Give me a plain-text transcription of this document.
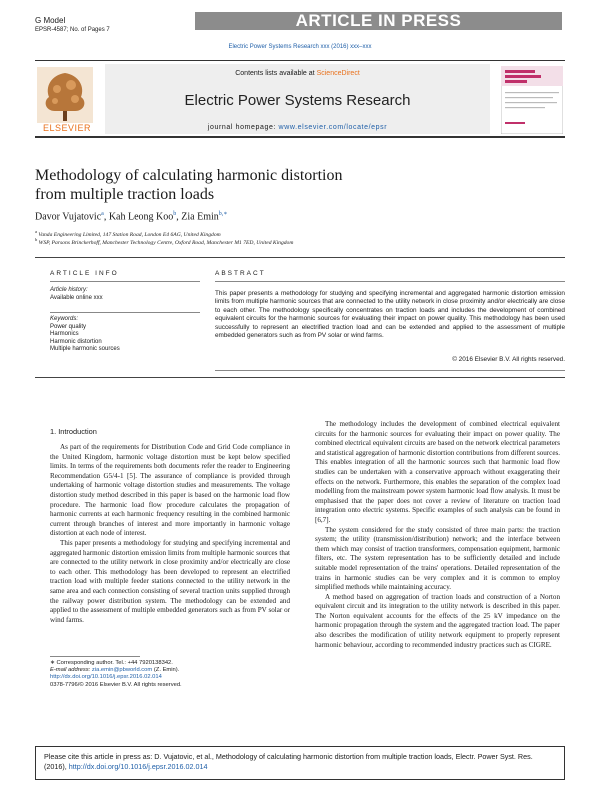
G Model
EPSR-4587; No. of Pages 7	ARTICLE IN PRESS
Electric Power Systems Research xxx (2016) xxx–xxx
ELSEVIER
Contents lists available at ScienceDirect
Electric Power Systems Research
journal homepage: www.elsevier.com/locate/epsr
Methodology of calculating harmonic distortion
from multiple traction loads
Davor Vujatovic$^a$, Kah Leong Koo$^b$, Zia Emin$^{b,∗}$
$^a$ Vanda Engineering Limited, 147 Station Road, London E4 6AG, United Kingdom
$^b$ WSP, Parsons Brinckerhoff, Manchester Technology Centre, Oxford Road, Manchester M1 7ED, United Kingdom
ARTICLE INFO
Article history:
Available online xxx
Keywords:
Power quality
Harmonics
Harmonic distortion
Multiple harmonic sources
ABSTRACT
This paper presents a methodology for studying and specifying incremental and aggregated harmonic distortion emission limits from multiple harmonic sources that are connected to the utility network in close proximity and/or electrically are close to each other. The methodology specifically concentrates on traction loads and includes the development of combined equivalent circuits for the harmonic sources for evaluating their impact on power quality. This methodology has been used successfully to represent an electrified traction load and can be extended and applied to the assessment of multiple embedded generators such as from PV solar or wind farms.
© 2016 Elsevier B.V. All rights reserved.
1. Introduction

As part of the requirements for Distribution Code and Grid Code compliance in the United Kingdom, harmonic voltage distortion must be kept below specified limits. In terms of the requirements both documents refer the reader to Engineering Recommendation G5/4-1 [5]. The assurance of compliance is provided through undertaking of harmonic voltage distortion studies and measurements. The voltage distortion study method described in this paper is based on the harmonic load flow procedure. The harmonic load flow procedure calculates the propagation of harmonic currents at each harmonic frequency resulting in the combined harmonic current through branches of interest and more importantly in harmonic voltage distortion at each node of interest.

This paper presents a methodology for studying and specifying incremental and aggregated harmonic distortion emission limits from multiple harmonic sources that are connected to the utility network in close proximity and/or electrically are close to each other. This methodology has been developed to represent an electrified traction load with multiple feeder stations connected to the utility network in the same area and each connection consisting of several traction units supplied through the railway power distribution system. The methodology can be extended and applied to the assessment of multiple embedded generators such as from PV solar or wind farms.

The methodology includes the development of combined electrical equivalent circuits for the harmonic sources for evaluating their impact on power quality. The combined electrical equivalent circuits are based on the network electrical parameters and statistical aggregation of harmonic distortion contributions from different sources. This enables integration of all the harmonic sources such that harmonic load flow studies can be undertaken with a conservative approach without exaggerating their effects on the network. Furthermore, this enables the separation of the complex load modelling from the mainstream power system harmonic load flow analysis. It must be emphasised that the paper does not cover a review of literature on traction load integration onto electric systems. Specific examples of such analysis can be found in [6,7].

The system considered for the study consisted of three main parts: the traction system; the utility (transmission/distribution) network; and the interface between them which may consist of traction transformers, compensation equipment, harmonic filters, etc. The system representation has to be sufficiently detailed and include suitable model representation of the trains' operations. Detailed representation of the trains in harmonic studies can be very complex and it is common to employ simplified methods while maintaining accuracy.

A method based on aggregation of traction loads and construction of a Norton equivalent circuit and its integration to the utility network is described in this paper. The Norton equivalent accounts for the effects of the 25 kV impedance on the harmonic propagation through the system and the aggregated traction load. The paper also describes the modification of utility network equipment to properly represent harmonic behaviour, according to recommended industry practices such as CIGRE.

∗ Corresponding author. Tel.: +44 7920138342.
E-mail address: zia.emin@pbworld.com (Z. Emin).
http://dx.doi.org/10.1016/j.epsr.2016.02.014
0378-7796/© 2016 Elsevier B.V. All rights reserved.
Please cite this article in press as: D. Vujatovic, et al., Methodology of calculating harmonic distortion from multiple traction loads, Electr. Power Syst. Res. (2016), http://dx.doi.org/10.1016/j.epsr.2016.02.014
